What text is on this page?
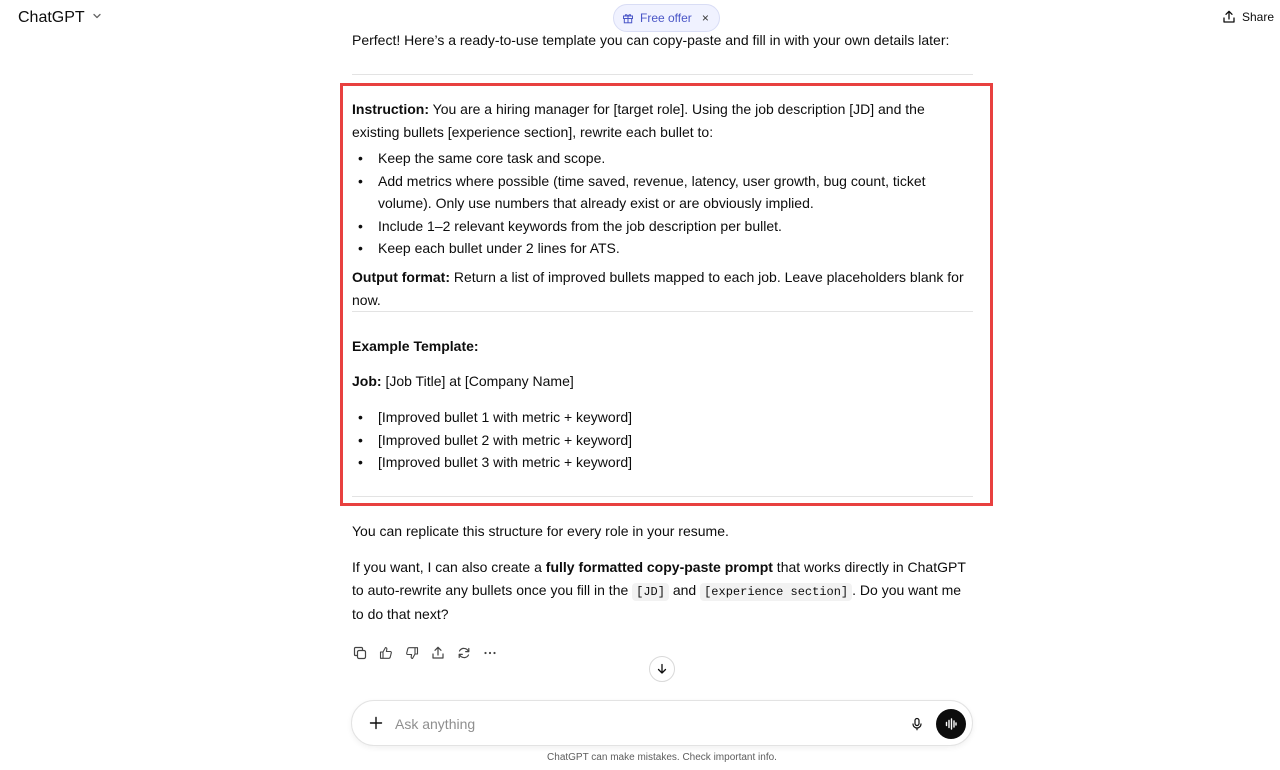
ChatGPT	Free offer ×	Share
Perfect! Here’s a ready-to-use template you can copy-paste and fill in with your own details later:
Instruction: You are a hiring manager for [target role]. Using the job description [JD] and the existing bullets [experience section], rewrite each bullet to:
• Keep the same core task and scope.
• Add metrics where possible (time saved, revenue, latency, user growth, bug count, ticket volume). Only use numbers that already exist or are obviously implied.
• Include 1–2 relevant keywords from the job description per bullet.
• Keep each bullet under 2 lines for ATS.
Output format: Return a list of improved bullets mapped to each job. Leave placeholders blank for now.
Example Template:
Job: [Job Title] at [Company Name]
• [Improved bullet 1 with metric + keyword]
• [Improved bullet 2 with metric + keyword]
• [Improved bullet 3 with metric + keyword]
You can replicate this structure for every role in your resume.
If you want, I can also create a fully formatted copy-paste prompt that works directly in ChatGPT to auto-rewrite any bullets once you fill in the [JD] and [experience section] . Do you want me to do that next?
Ask anything
ChatGPT can make mistakes. Check important info.
